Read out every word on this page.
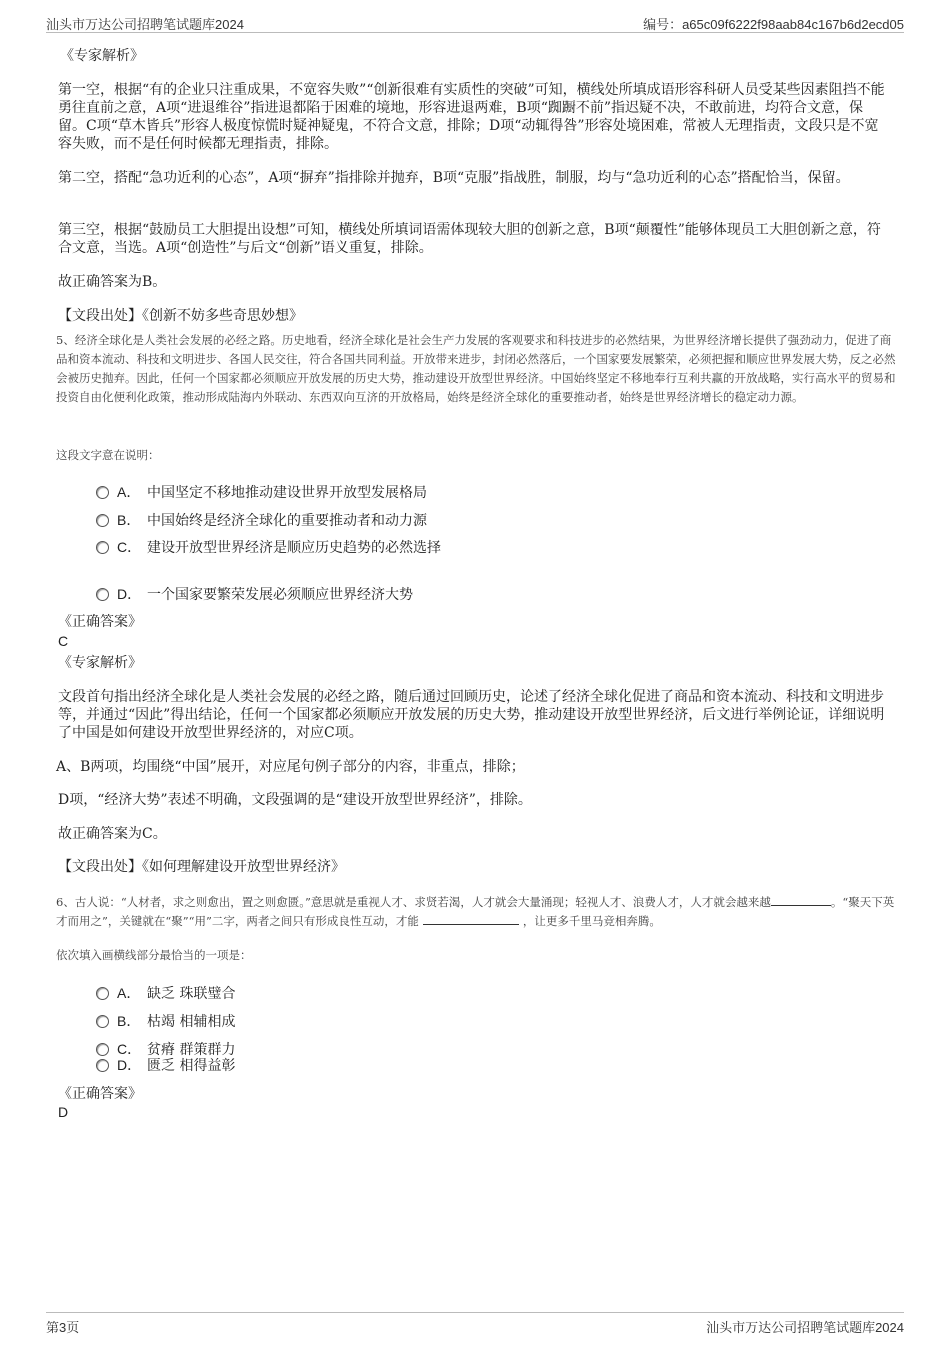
汕头市万达公司招聘笔试题库2024	编号：a65c09f6222f98aab84c167b6d2ecd05
《专家解析》
第一空，根据“有的企业只注重成果，不宽容失败”“创新很难有实质性的突破”可知，横线处所填成语形容科研人员受某些因素阻挡不能勇往直前之意，A项“进退维谷”指进退都陷于困难的境地，形容进退两难，B项“踟蹰不前”指迟疑不决，不敢前进，均符合文意，保留。C项“草木皆兵”形容人极度惊慌时疑神疑鬼，不符合文意，排除；D项“动辄得咎”形容处境困难，常被人无理指责，文段只是不宽容失败，而不是任何时候都无理指责，排除。
第二空，搭配“急功近利的心态”，A项“摒弃”指排除并抛弃，B项“克服”指战胜，制服，均与“急功近利的心态”搭配恰当，保留。
第三空，根据“鼓励员工大胆提出设想”可知，横线处所填词语需体现较大胆的创新之意，B项“颠覆性”能够体现员工大胆创新之意，符合文意，当选。A项“创造性”与后文“创新”语义重复，排除。
故正确答案为B。
【文段出处】《创新不妨多些奇思妙想》
5、经济全球化是人类社会发展的必经之路。历史地看，经济全球化是社会生产力发展的客观要求和科技进步的必然结果，为世界经济增长提供了强劲动力，促进了商品和资本流动、科技和文明进步、各国人民交往，符合各国共同利益。开放带来进步，封闭必然落后，一个国家要发展繁荣，必须把握和顺应世界发展大势，反之必然会被历史抛弃。因此，任何一个国家都必须顺应开放发展的历史大势，推动建设开放型世界经济。中国始终坚定不移地奉行互利共赢的开放战略，实行高水平的贸易和投资自由化便利化政策，推动形成陆海内外联动、东西双向互济的开放格局，始终是经济全球化的重要推动者，始终是世界经济增长的稳定动力源。
这段文字意在说明：
A． 中国坚定不移地推动建设世界开放型发展格局
B． 中国始终是经济全球化的重要推动者和动力源
C． 建设开放型世界经济是顺应历史趋势的必然选择
D． 一个国家要繁荣发展必须顺应世界经济大势
《正确答案》
C
《专家解析》
文段首句指出经济全球化是人类社会发展的必经之路，随后通过回顾历史，论述了经济全球化促进了商品和资本流动、科技和文明进步等，并通过“因此”得出结论，任何一个国家都必须顺应开放发展的历史大势，推动建设开放型世界经济，后文进行举例论证，详细说明了中国是如何建设开放型世界经济的，对应C项。
A、B两项，均围绕“中国”展开，对应尾句例子部分的内容，非重点，排除；
D项，“经济大势”表述不明确，文段强调的是“建设开放型世界经济”，排除。
故正确答案为C。
【文段出处】《如何理解建设开放型世界经济》
6、古人说：“人材者，求之则愈出，置之则愈匮。”意思就是重视人才、求贤若渴，人才就会大量涌现；轻视人才、浪费人才，人才就会越来越	。“聚天下英才而用之”，关键就在“聚”“用”二字，两者之间只有形成良性互动，才能	，让更多千里马竞相奔腾。
依次填入画横线部分最恰当的一项是：
A． 缺乏 珠联璧合
B． 枯竭 相辅相成
C． 贫瘠 群策群力
D． 匮乏 相得益彰
《正确答案》
D
第3页	汕头市万达公司招聘笔试题库2024
